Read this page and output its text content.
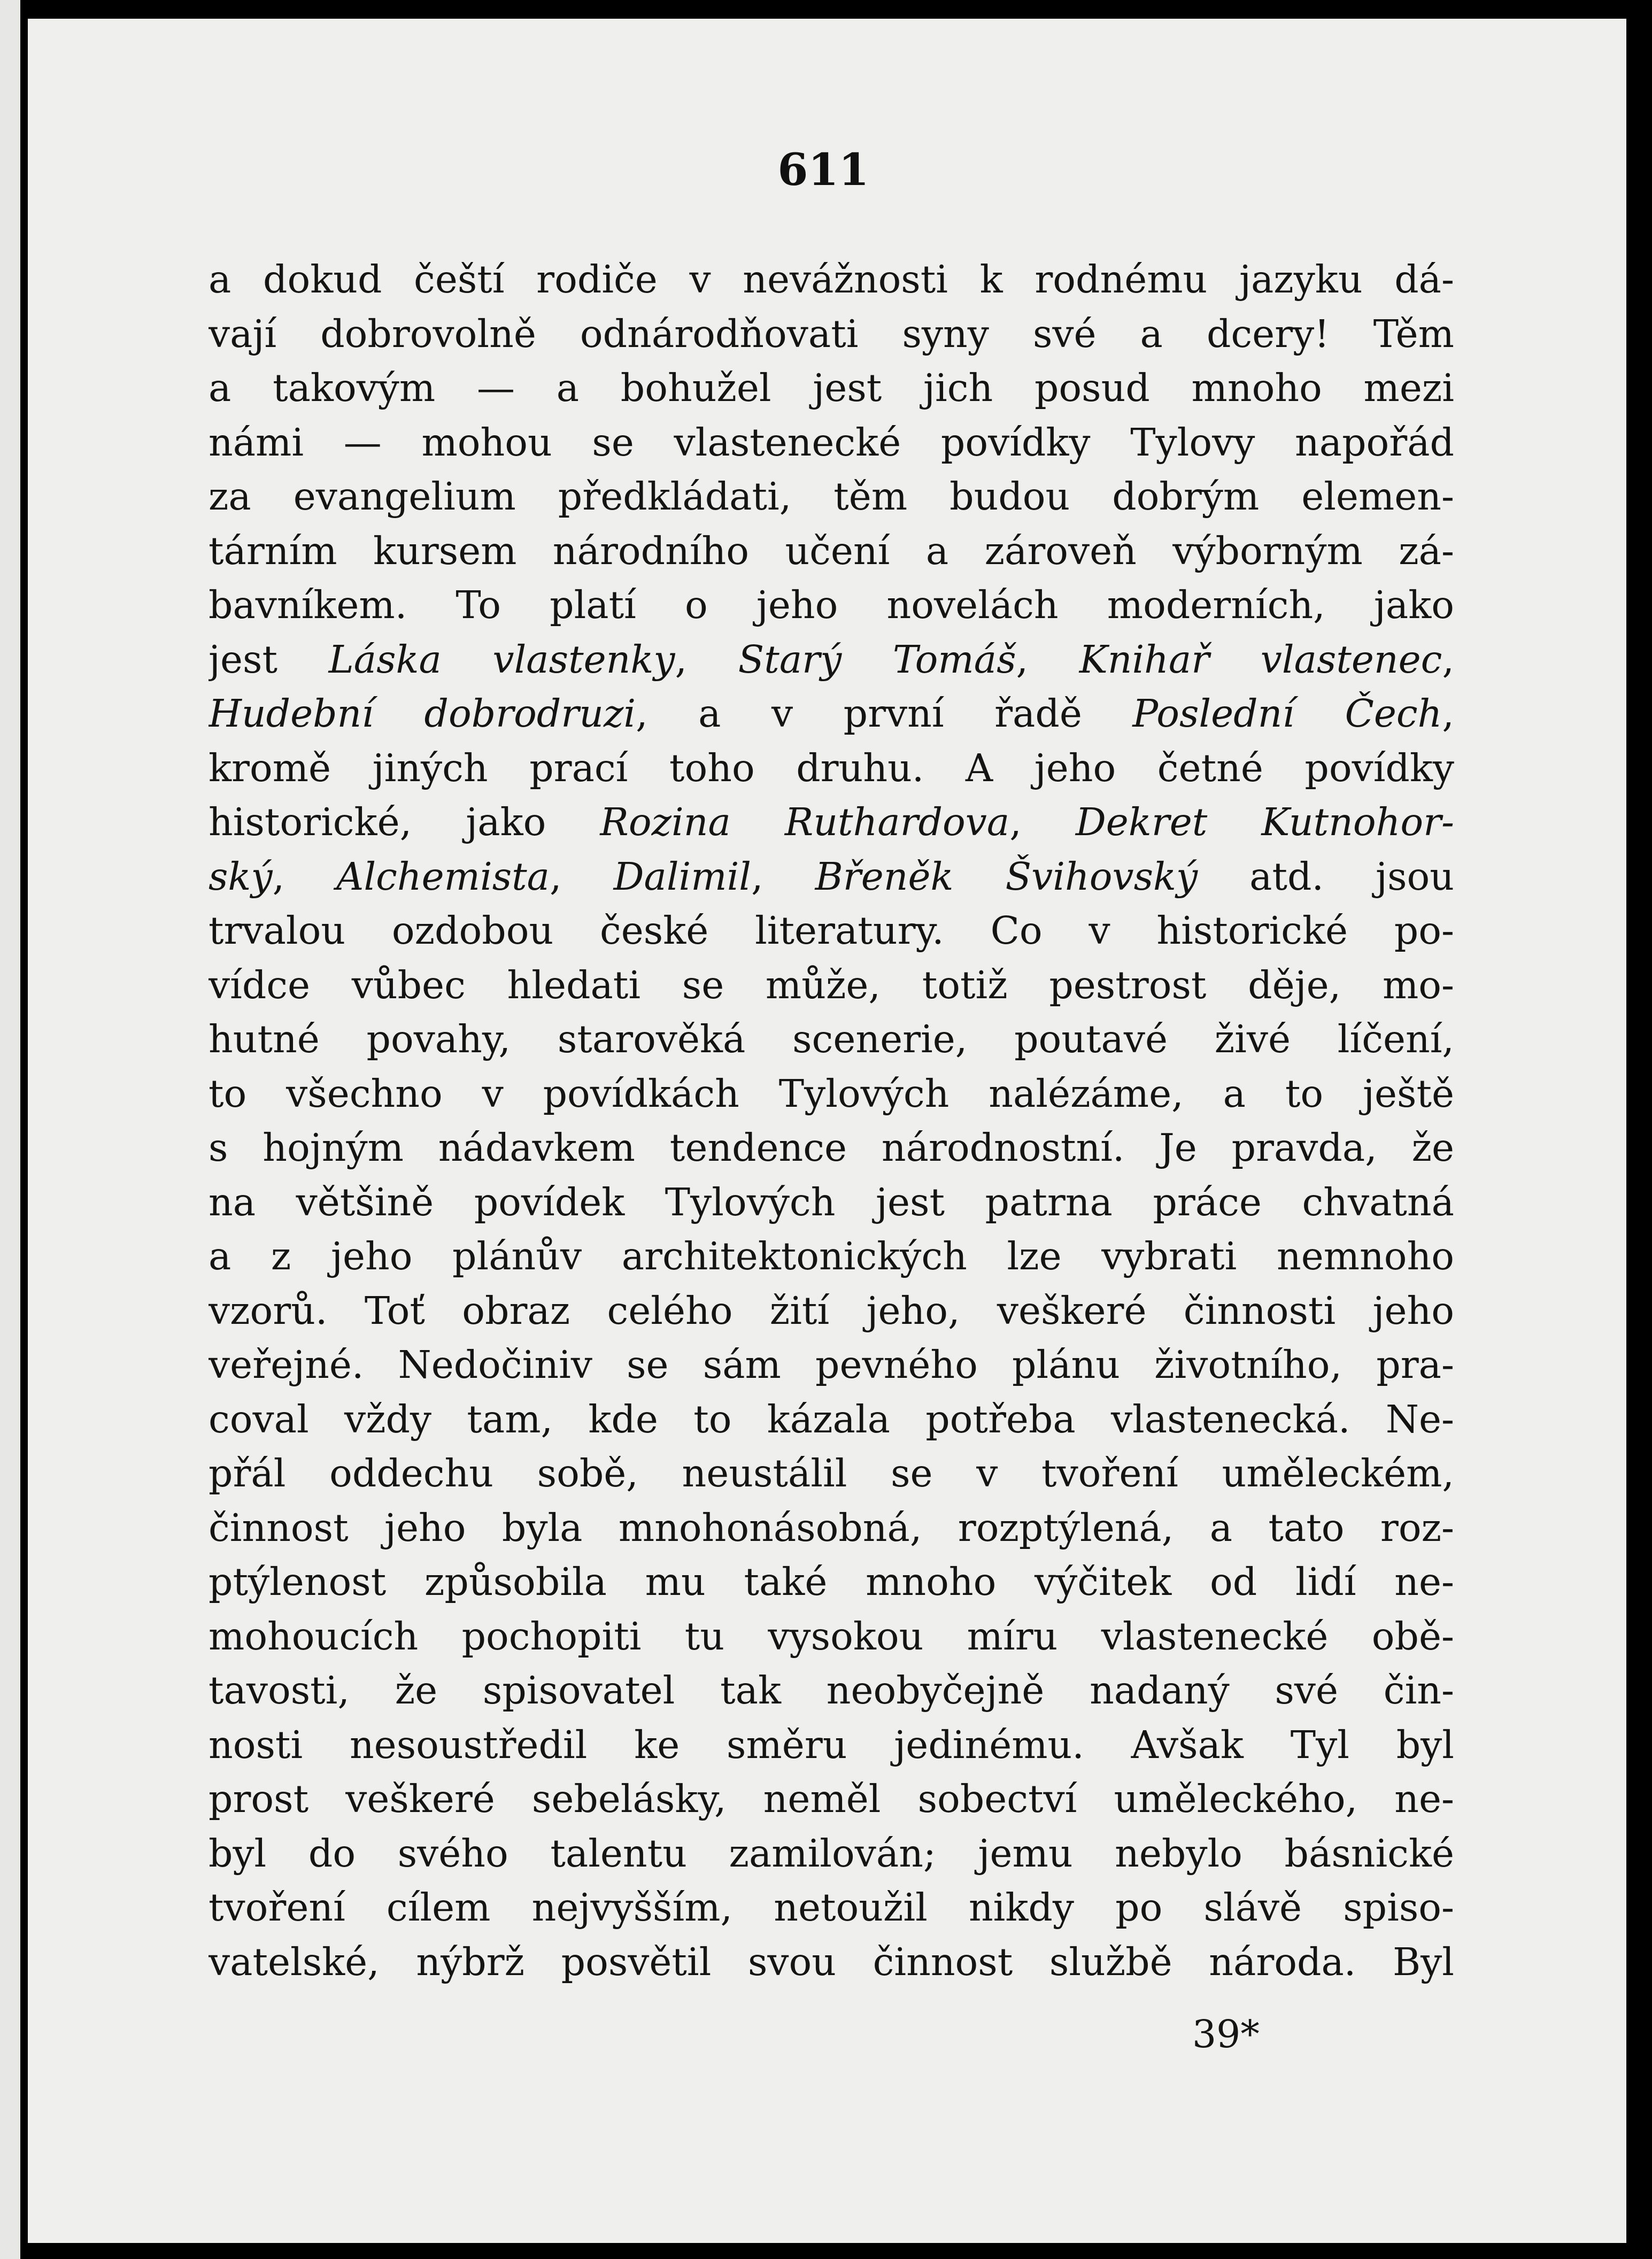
611
a dokud čeští rodiče v nevážnosti k rodnému jazyku dá-
vají dobrovolně odnárodňovati syny své a dcery! Těm
a takovým — a bohužel jest jich posud mnoho mezi
námi — mohou se vlastenecké povídky Tylovy napořád
za evangelium předkládati, těm budou dobrým elemen-
tárním kursem národního učení a zároveň výborným zá-
bavníkem. To platí o jeho novelách moderních, jako
jest Láska vlastenky, Starý Tomáš, Knihař vlastenec,
Hudební dobrodruzi, a v první řadě Poslední Čech,
kromě jiných prací toho druhu. A jeho četné povídky
historické, jako Rozina Ruthardova, Dekret Kutnohor-
ský, Alchemista, Dalimil, Břeněk Švihovský atd. jsou
trvalou ozdobou české literatury. Co v historické po-
vídce vůbec hledati se může, totiž pestrost děje, mo-
hutné povahy, starověká scenerie, poutavé živé líčení,
to všechno v povídkách Tylových nalézáme, a to ještě
s hojným nádavkem tendence národnostní. Je pravda, že
na většině povídek Tylových jest patrna práce chvatná
a z jeho plánův architektonických lze vybrati nemnoho
vzorů. Toť obraz celého žití jeho, veškeré činnosti jeho
veřejné. Nedočiniv se sám pevného plánu životního, pra-
coval vždy tam, kde to kázala potřeba vlastenecká. Ne-
přál oddechu sobě, neustálil se v tvoření uměleckém,
činnost jeho byla mnohonásobná, rozptýlená, a tato roz-
ptýlenost způsobila mu také mnoho výčitek od lidí ne-
mohoucích pochopiti tu vysokou míru vlastenecké obě-
tavosti, že spisovatel tak neobyčejně nadaný své čin-
nosti nesoustředil ke směru jedinému. Avšak Tyl byl
prost veškeré sebelásky, neměl sobectví uměleckého, ne-
byl do svého talentu zamilován; jemu nebylo básnické
tvoření cílem nejvyšším, netoužil nikdy po slávě spiso-
vatelské, nýbrž posvětil svou činnost službě národa. Byl
39*
